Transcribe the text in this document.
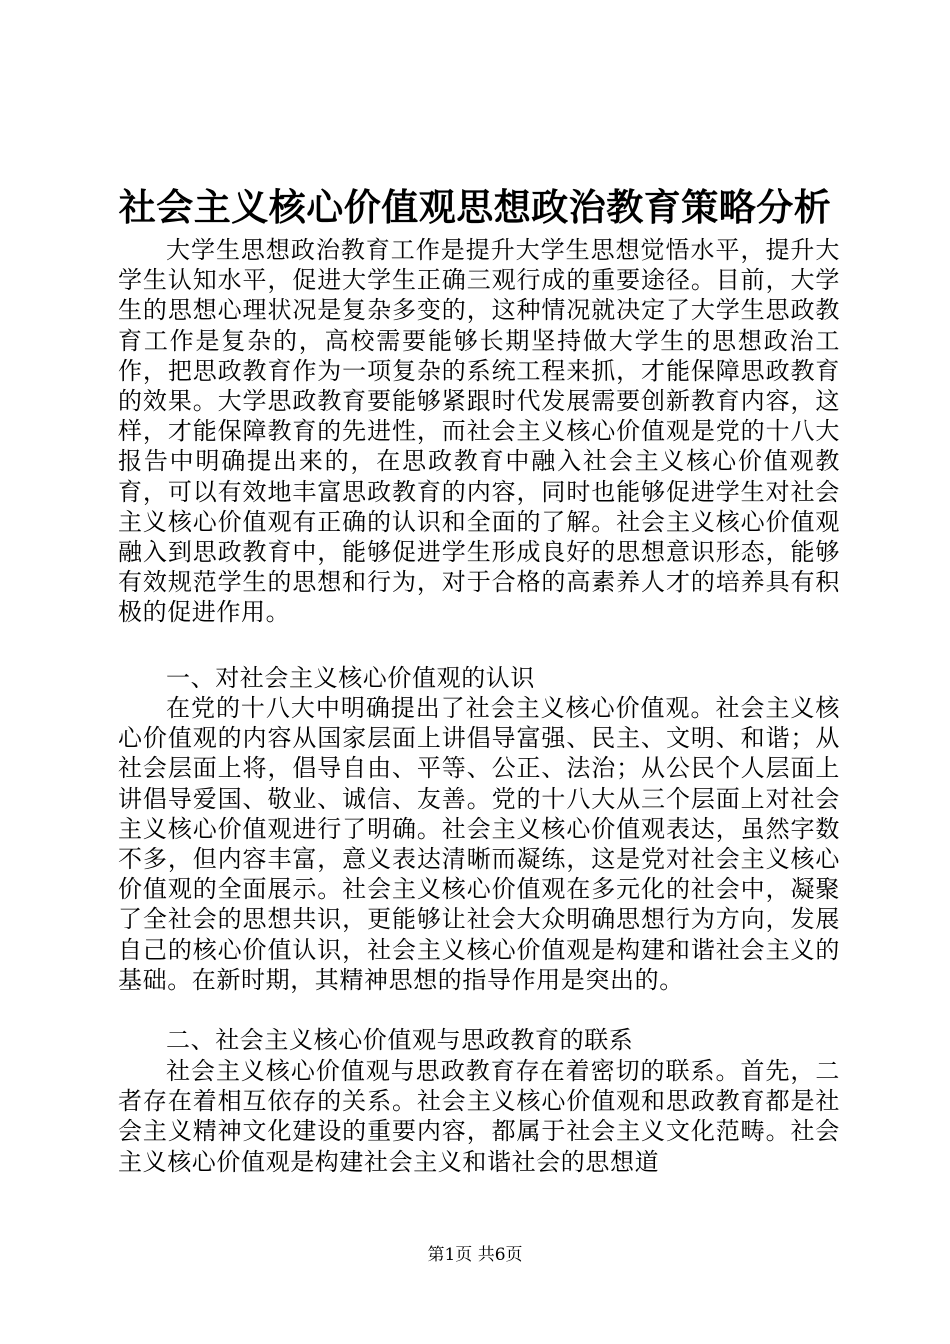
社会主义核心价值观思想政治教育策略分析

大学生思想政治教育工作是提升大学生思想觉悟水平，提升大学生认知水平，促进大学生正确三观行成的重要途径。目前，大学生的思想心理状况是复杂多变的，这种情况就决定了大学生思政教育工作是复杂的，高校需要能够长期坚持做大学生的思想政治工作，把思政教育作为一项复杂的系统工程来抓，才能保障思政教育的效果。大学思政教育要能够紧跟时代发展需要创新教育内容，这样，才能保障教育的先进性，而社会主义核心价值观是党的十八大报告中明确提出来的，在思政教育中融入社会主义核心价值观教育，可以有效地丰富思政教育的内容，同时也能够促进学生对社会主义核心价值观有正确的认识和全面的了解。社会主义核心价值观融入到思政教育中，能够促进学生形成良好的思想意识形态，能够有效规范学生的思想和行为，对于合格的高素养人才的培养具有积极的促进作用。

一、对社会主义核心价值观的认识

在党的十八大中明确提出了社会主义核心价值观。社会主义核心价值观的内容从国家层面上讲倡导富强、民主、文明、和谐；从社会层面上将，倡导自由、平等、公正、法治；从公民个人层面上讲倡导爱国、敬业、诚信、友善。党的十八大从三个层面上对社会主义核心价值观进行了明确。社会主义核心价值观表达，虽然字数不多，但内容丰富，意义表达清晰而凝练，这是党对社会主义核心价值观的全面展示。社会主义核心价值观在多元化的社会中，凝聚了全社会的思想共识，更能够让社会大众明确思想行为方向，发展自己的核心价值认识，社会主义核心价值观是构建和谐社会主义的基础。在新时期，其精神思想的指导作用是突出的。

二、社会主义核心价值观与思政教育的联系

社会主义核心价值观与思政教育存在着密切的联系。首先，二者存在着相互依存的关系。社会主义核心价值观和思政教育都是社会主义精神文化建设的重要内容，都属于社会主义文化范畴。社会主义核心价值观是构建社会主义和谐社会的思想道

第1页 共6页
